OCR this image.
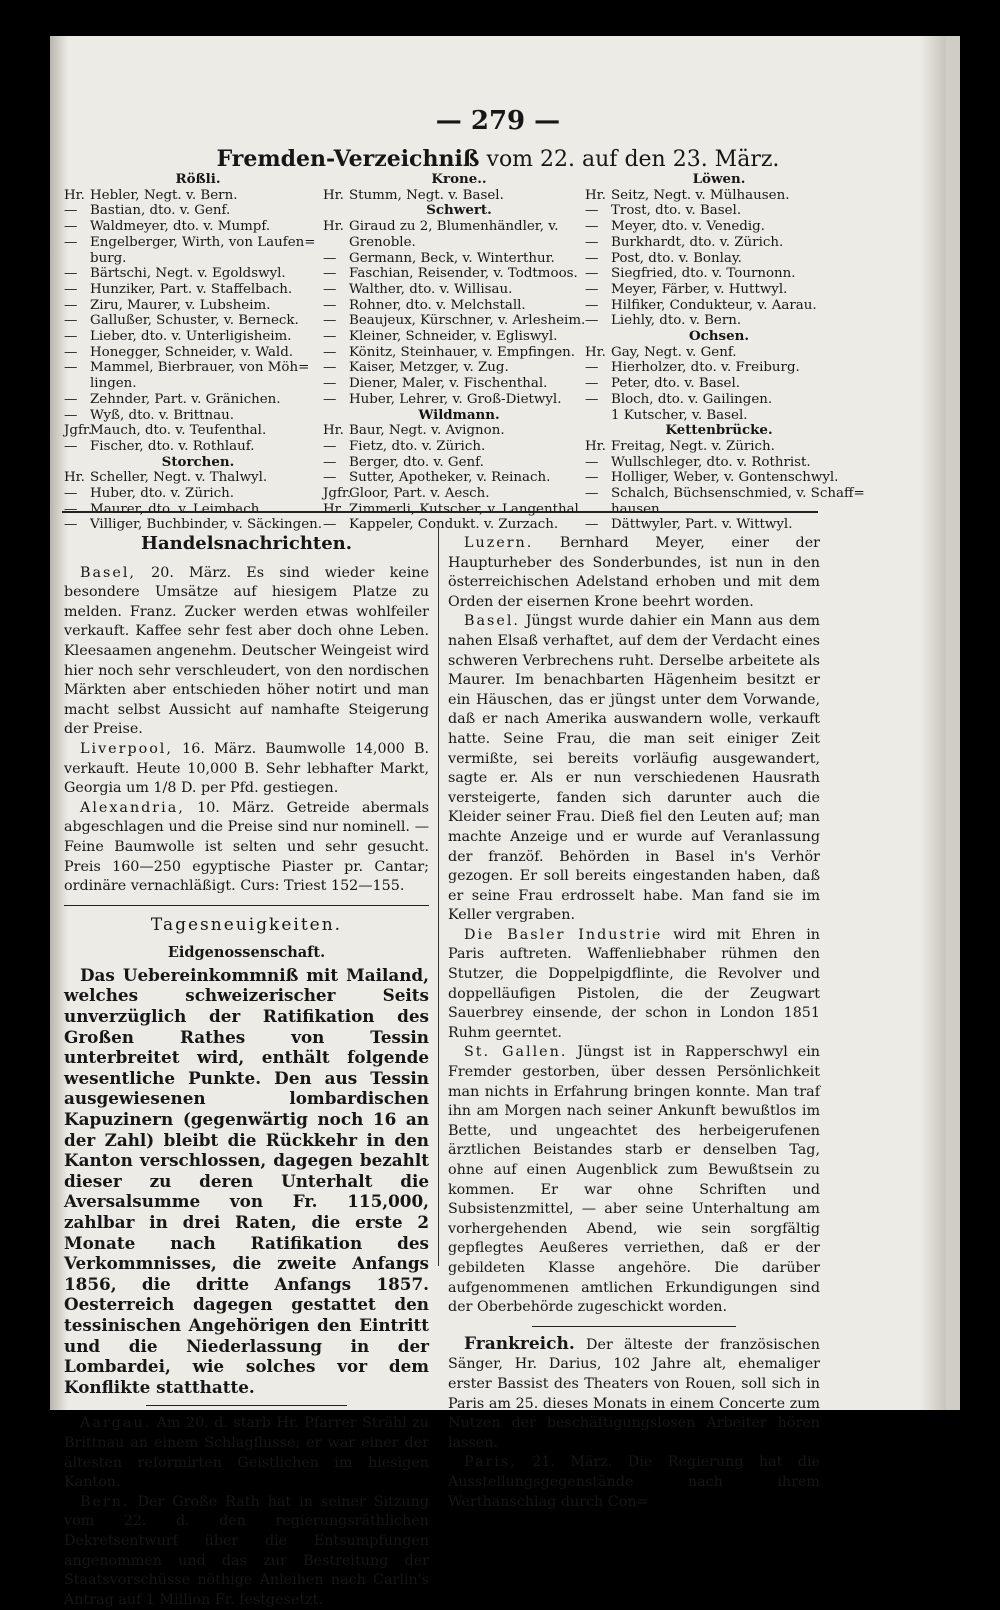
— 279 —
Fremden-Verzeichniß vom 22. auf den 23. März.
Rößli.
Hr. Hebler, Negt. v. Bern.
— Bastian, dto. v. Genf.
— Waldmeyer, dto. v. Mumpf.
— Engelberger, Wirth, von Laufen=
burg.
— Bärtschi, Negt. v. Egoldswyl.
— Hunziker, Part. v. Staffelbach.
— Ziru, Maurer, v. Lubsheim.
— Gallußer, Schuster, v. Berneck.
— Lieber, dto. v. Unterligisheim.
— Honegger, Schneider, v. Wald.
— Mammel, Bierbrauer, von Möh=
lingen.
— Zehnder, Part. v. Gränichen.
— Wyß, dto. v. Brittnau.
Jgfr.Mauch, dto. v. Teufenthal.
— Fischer, dto. v. Rothlauf.
Storchen.
Hr. Scheller, Negt. v. Thalwyl.
— Huber, dto. v. Zürich.
— Maurer, dto. v. Leimbach.
— Villiger, Buchbinder, v. Säckingen.
Krone..
Hr. Stumm, Negt. v. Basel.
Schwert.
Hr. Giraud zu 2, Blumenhändler, v.
Grenoble.
— Germann, Beck, v. Winterthur.
— Faschian, Reisender, v. Todtmoos.
— Walther, dto. v. Willisau.
— Rohner, dto. v. Melchstall.
— Beaujeux, Kürschner, v. Arlesheim.
— Kleiner, Schneider, v. Egliswyl.
— Könitz, Steinhauer, v. Empfingen.
— Kaiser, Metzger, v. Zug.
— Diener, Maler, v. Fischenthal.
— Huber, Lehrer, v. Groß-Dietwyl.
Wildmann.
Hr. Baur, Negt. v. Avignon.
— Fietz, dto. v. Zürich.
— Berger, dto. v. Genf.
— Sutter, Apotheker, v. Reinach.
Jgfr.Gloor, Part. v. Aesch.
Hr. Zimmerli, Kutscher, v. Langenthal.
— Kappeler, Condukt. v. Zurzach.
Löwen.
Hr. Seitz, Negt. v. Mülhausen.
— Trost, dto. v. Basel.
— Meyer, dto. v. Venedig.
— Burkhardt, dto. v. Zürich.
— Post, dto. v. Bonlay.
— Siegfried, dto. v. Tournonn.
— Meyer, Färber, v. Huttwyl.
— Hilfiker, Condukteur, v. Aarau.
— Liehly, dto. v. Bern.
Ochsen.
Hr. Gay, Negt. v. Genf.
— Hierholzer, dto. v. Freiburg.
— Peter, dto. v. Basel.
— Bloch, dto. v. Gailingen.
1 Kutscher, v. Basel.
Kettenbrücke.
Hr. Freitag, Negt. v. Zürich.
— Wullschleger, dto. v. Rothrist.
— Holliger, Weber, v. Gontenschwyl.
— Schalch, Büchsenschmied, v. Schaff=
hausen.
— Dättwyler, Part. v. Wittwyl.
Handelsnachrichten.

Basel, 20. März. Es sind wieder keine besondere Umsätze auf hiesigem Platze zu melden. Franz. Zucker werden etwas wohlfeiler verkauft. Kaffee sehr fest aber doch ohne Leben. Kleesaamen angenehm. Deutscher Weingeist wird hier noch sehr verschleudert, von den nordischen Märkten aber entschieden höher notirt und man macht selbst Aussicht auf namhafte Steigerung der Preise.

Liverpool, 16. März. Baumwolle 14,000 B. verkauft. Heute 10,000 B. Sehr lebhafter Markt, Georgia um 1/8 D. per Pfd. gestiegen.

Alexandria, 10. März. Getreide abermals abgeschlagen und die Preise sind nur nominell. — Feine Baumwolle ist selten und sehr gesucht. Preis 160—250 egyptische Piaster pr. Cantar; ordinäre vernachläßigt. Curs: Triest 152—155.

Tagesneuigkeiten.
Eidgenossenschaft.

Das Uebereinkommniß mit Mailand, welches schweizerischer Seits unverzüglich der Ratifikation des Großen Rathes von Tessin unterbreitet wird, enthält folgende wesentliche Punkte. Den aus Tessin ausgewiesenen lombardischen Kapuzinern (gegenwärtig noch 16 an der Zahl) bleibt die Rückkehr in den Kanton verschlossen, dagegen bezahlt dieser zu deren Unterhalt die Aversalsumme von Fr. 115,000, zahlbar in drei Raten, die erste 2 Monate nach Ratifikation des Verkommnisses, die zweite Anfangs 1856, die dritte Anfangs 1857. Oesterreich dagegen gestattet den tessinischen Angehörigen den Eintritt und die Niederlassung in der Lombardei, wie solches vor dem Konflikte statthatte.

Aargau. Am 20. d. starb Hr. Pfarrer Strähl zu Brittnau an einem Schlagflusse; er war einer der ältesten reformirten Geistlichen im hiesigen Kanton.

Bern. Der Große Rath hat in seiner Sitzung vom 22. d. den regierungsräthlichen Dekretsentwurf über die Entsumpfungen angenommen und das zur Bestreitung der Staatsvorschüsse nöthige Anleihen nach Carlin's Antrag auf 1 Million Fr. festgesetzt.

Luzern. Bernhard Meyer, einer der Haupturheber des Sonderbundes, ist nun in den österreichischen Adelstand erhoben und mit dem Orden der eisernen Krone beehrt worden.

Basel. Jüngst wurde dahier ein Mann aus dem nahen Elsaß verhaftet, auf dem der Verdacht eines schweren Verbrechens ruht. Derselbe arbeitete als Maurer. Im benachbarten Hägenheim besitzt er ein Häuschen, das er jüngst unter dem Vorwande, daß er nach Amerika auswandern wolle, verkauft hatte. Seine Frau, die man seit einiger Zeit vermißte, sei bereits vorläufig ausgewandert, sagte er. Als er nun verschiedenen Hausrath versteigerte, fanden sich darunter auch die Kleider seiner Frau. Dieß fiel den Leuten auf; man machte Anzeige und er wurde auf Veranlassung der franzöf. Behörden in Basel in's Verhör gezogen. Er soll bereits eingestanden haben, daß er seine Frau erdrosselt habe. Man fand sie im Keller vergraben.

Die Basler Industrie wird mit Ehren in Paris auftreten. Waffenliebhaber rühmen den Stutzer, die Doppelpigdflinte, die Revolver und doppelläufigen Pistolen, die der Zeugwart Sauerbrey einsende, der schon in London 1851 Ruhm geerntet.

St. Gallen. Jüngst ist in Rapperschwyl ein Fremder gestorben, über dessen Persönlichkeit man nichts in Erfahrung bringen konnte. Man traf ihn am Morgen nach seiner Ankunft bewußtlos im Bette, und ungeachtet des herbeigerufenen ärztlichen Beistandes starb er denselben Tag, ohne auf einen Augenblick zum Bewußtsein zu kommen. Er war ohne Schriften und Subsistenzmittel, — aber seine Unterhaltung am vorhergehenden Abend, wie sein sorgfältig gepflegtes Aeußeres verriethen, daß er der gebildeten Klasse angehöre. Die darüber aufgenommenen amtlichen Erkundigungen sind der Oberbehörde zugeschickt worden.

Frankreich. Der älteste der französischen Sänger, Hr. Darius, 102 Jahre alt, ehemaliger erster Bassist des Theaters von Rouen, soll sich in Paris am 25. dieses Monats in einem Concerte zum Nutzen der beschäftigungslosen Arbeiter hören lassen.

Paris, 21. März. Die Regierung hat die Ausstellungsgegenstände nach ihrem Werthanschlag durch Con=
